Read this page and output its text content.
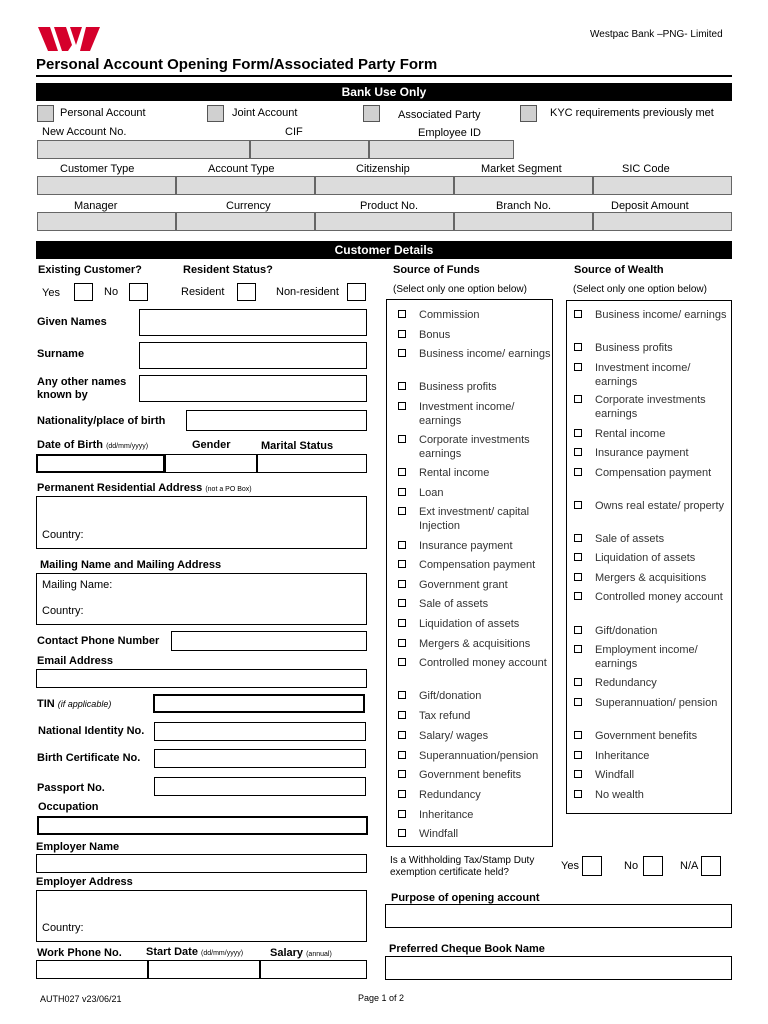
Westpac Bank –PNG- Limited
Personal Account Opening Form/Associated Party Form
Bank Use Only
Personal Account	Joint Account	Associated Party	KYC requirements previously met
New Account No.	CIF	Employee ID
Customer Type	Account Type	Citizenship	Market Segment	SIC Code
Manager	Currency	Product No.	Branch No.	Deposit Amount
Customer Details
Existing Customer?	Resident Status?
Yes	No	Resident	Non-resident
Given Names
Surname
Any other names
known by
Nationality/place of birth
Date of Birth (dd/mm/yyyy)	Gender	Marital Status
Permanent Residential Address (not a PO Box)
Country:
Mailing Name and Mailing Address
Mailing Name:
Country:
Contact Phone Number
Email Address
TIN (if applicable)
National Identity No.
Birth Certificate No.
Passport No.
Occupation
Employer Name
Employer Address
Country:
Work Phone No. Start Date (dd/mm/yyyy) Salary (annual)
Source of Funds
(Select only one option below)
Source of Wealth
(Select only one option below)
Is a Withholding Tax/Stamp Duty
exemption certificate held?
Yes	No	N/A
Purpose of opening account
Preferred Cheque Book Name
AUTH027 v23/06/21	Page 1 of 2
Commission
Bonus
Business income/ earnings
Business profits
Investment income/ earnings
Corporate investments earnings
Rental income
Loan
Ext investment/ capital Injection
Insurance payment
Compensation payment
Government grant
Sale of assets
Liquidation of assets
Mergers & acquisitions
Controlled money account
Gift/donation
Tax refund
Salary/ wages
Superannuation/pension
Government benefits
Redundancy
Inheritance
Windfall
Business income/ earnings
Business profits
Investment income/ earnings
Corporate investments earnings
Rental income
Insurance payment
Compensation payment
Owns real estate/ property
Sale of assets
Liquidation of assets
Mergers & acquisitions
Controlled money account
Gift/donation
Employment income/ earnings
Redundancy
Superannuation/ pension
Government benefits
Inheritance
Windfall
No wealth
